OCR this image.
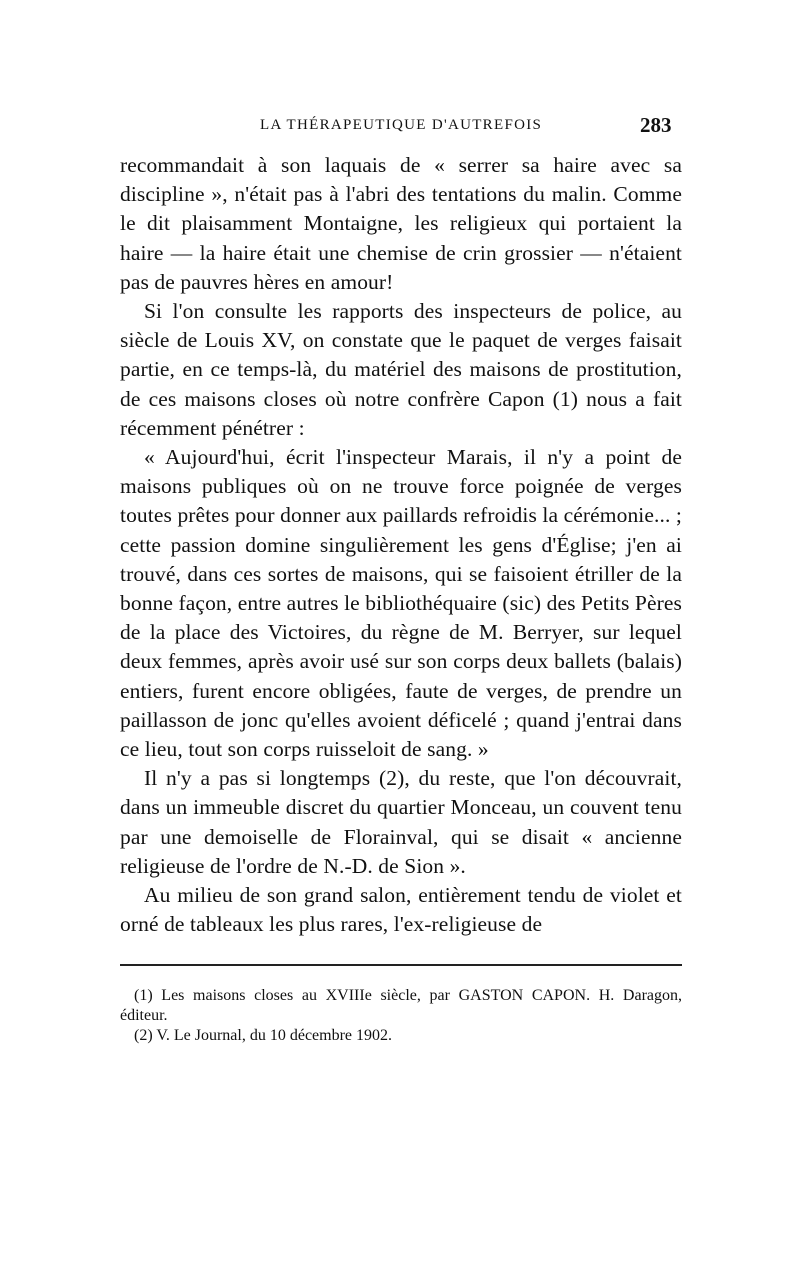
LA THÉRAPEUTIQUE D'AUTREFOIS	283

recommandait à son laquais de « serrer sa haire avec sa discipline », n'était pas à l'abri des tentations du malin. Comme le dit plaisamment Montaigne, les religieux qui portaient la haire — la haire était une chemise de crin grossier — n'étaient pas de pauvres hères en amour!

Si l'on consulte les rapports des inspecteurs de police, au siècle de Louis XV, on constate que le paquet de verges faisait partie, en ce temps-là, du matériel des maisons de prostitution, de ces maisons closes où notre confrère Capon (1) nous a fait récemment pénétrer :

« Aujourd'hui, écrit l'inspecteur Marais, il n'y a point de maisons publiques où on ne trouve force poignée de verges toutes prêtes pour donner aux paillards refroidis la cérémonie... ; cette passion domine singulièrement les gens d'Église; j'en ai trouvé, dans ces sortes de maisons, qui se faisoient étriller de la bonne façon, entre autres le bibliothéquaire (sic) des Petits Pères de la place des Victoires, du règne de M. Berryer, sur lequel deux femmes, après avoir usé sur son corps deux ballets (balais) entiers, furent encore obligées, faute de verges, de prendre un paillasson de jonc qu'elles avoient déficelé ; quand j'entrai dans ce lieu, tout son corps ruisseloit de sang. »

Il n'y a pas si longtemps (2), du reste, que l'on découvrait, dans un immeuble discret du quartier Monceau, un couvent tenu par une demoiselle de Florainval, qui se disait « ancienne religieuse de l'ordre de N.-D. de Sion ».

Au milieu de son grand salon, entièrement tendu de violet et orné de tableaux les plus rares, l'ex-religieuse de

(1) Les maisons closes au XVIIIe siècle, par GASTON CAPON. H. Daragon, éditeur.

(2) V. Le Journal, du 10 décembre 1902.
